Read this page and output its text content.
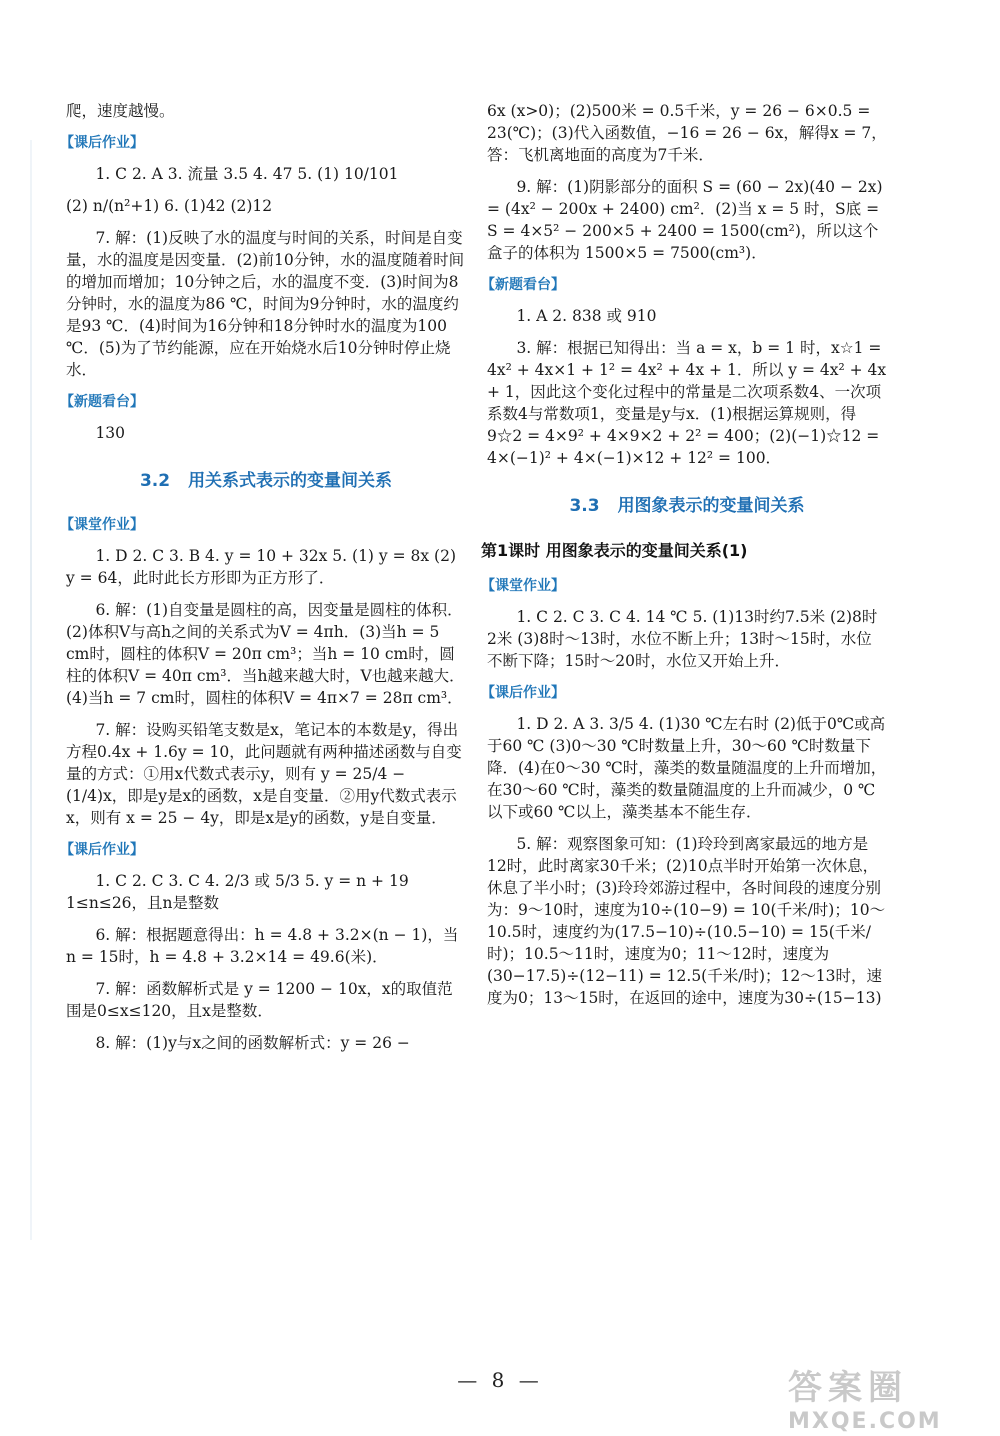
爬，速度越慢。
【课后作业】
1. C 2. A 3. 流量 3.5 4. 47 5. (1) 10/101
(2) n/(n²+1) 6. (1)42 (2)12
7. 解：(1)反映了水的温度与时间的关系，时间是自变量，水的温度是因变量．(2)前10分钟，水的温度随着时间的增加而增加；10分钟之后，水的温度不变．(3)时间为8分钟时，水的温度为86 ℃，时间为9分钟时，水的温度约是93 ℃．(4)时间为16分钟和18分钟时水的温度为100 ℃．(5)为了节约能源，应在开始烧水后10分钟时停止烧水．
【新题看台】
130
3.2 用关系式表示的变量间关系
【课堂作业】
1. D 2. C 3. B 4. y = 10 + 32x 5. (1) y = 8x (2) y = 64，此时此长方形即为正方形了．
6. 解：(1)自变量是圆柱的高，因变量是圆柱的体积．(2)体积V与高h之间的关系式为V = 4πh．(3)当h = 5 cm时，圆柱的体积V = 20π cm³；当h = 10 cm时，圆柱的体积V = 40π cm³．当h越来越大时，V也越来越大．(4)当h = 7 cm时，圆柱的体积V = 4π×7 = 28π cm³．
7. 解：设购买铅笔支数是x，笔记本的本数是y，得出方程0.4x + 1.6y = 10，此问题就有两种描述函数与自变量的方式：①用x代数式表示y，则有 y = 25/4 − (1/4)x，即是y是x的函数，x是自变量．②用y代数式表示x，则有 x = 25 − 4y，即是x是y的函数，y是自变量．
【课后作业】
1. C 2. C 3. C 4. 2/3 或 5/3 5. y = n + 19 1≤n≤26，且n是整数
6. 解：根据题意得出：h = 4.8 + 3.2×(n − 1)，当n = 15时，h = 4.8 + 3.2×14 = 49.6(米)．
7. 解：函数解析式是 y = 1200 − 10x，x的取值范围是0≤x≤120，且x是整数．
8. 解：(1)y与x之间的函数解析式：y = 26 −
6x (x>0)；(2)500米 = 0.5千米，y = 26 − 6×0.5 = 23(℃)；(3)代入函数值，−16 = 26 − 6x，解得x = 7，答：飞机离地面的高度为7千米．
9. 解：(1)阴影部分的面积 S = (60 − 2x)(40 − 2x) = (4x² − 200x + 2400) cm²．(2)当 x = 5 时，S底 = S = 4×5² − 200×5 + 2400 = 1500(cm²)，所以这个盒子的体积为 1500×5 = 7500(cm³)．
【新题看台】
1. A 2. 838 或 910
3. 解：根据已知得出：当 a = x，b = 1 时，x☆1 = 4x² + 4x×1 + 1² = 4x² + 4x + 1．所以 y = 4x² + 4x + 1，因此这个变化过程中的常量是二次项系数4、一次项系数4与常数项1，变量是y与x．(1)根据运算规则，得 9☆2 = 4×9² + 4×9×2 + 2² = 400；(2)(−1)☆12 = 4×(−1)² + 4×(−1)×12 + 12² = 100．
3.3 用图象表示的变量间关系
第1课时 用图象表示的变量间关系(1)
【课堂作业】
1. C 2. C 3. C 4. 14 ℃ 5. (1)13时约7.5米 (2)8时 2米 (3)8时～13时，水位不断上升；13时～15时，水位不断下降；15时～20时，水位又开始上升．
【课后作业】
1. D 2. A 3. 3/5 4. (1)30 ℃左右时 (2)低于0℃或高于60 ℃ (3)0～30 ℃时数量上升，30～60 ℃时数量下降．(4)在0～30 ℃时，藻类的数量随温度的上升而增加，在30～60 ℃时，藻类的数量随温度的上升而减少，0 ℃以下或60 ℃以上，藻类基本不能生存．
5. 解：观察图象可知：(1)玲玲到离家最远的地方是12时，此时离家30千米；(2)10点半时开始第一次休息，休息了半小时；(3)玲玲郊游过程中，各时间段的速度分别为：9～10时，速度为10÷(10−9) = 10(千米/时)；10～10.5时，速度约为(17.5−10)÷(10.5−10) = 15(千米/时)；10.5～11时，速度为0；11～12时，速度为(30−17.5)÷(12−11) = 12.5(千米/时)；12～13时，速度为0；13～15时，在返回的途中，速度为30÷(15−13)
— 8 —	答案圈
MXQE.COM
